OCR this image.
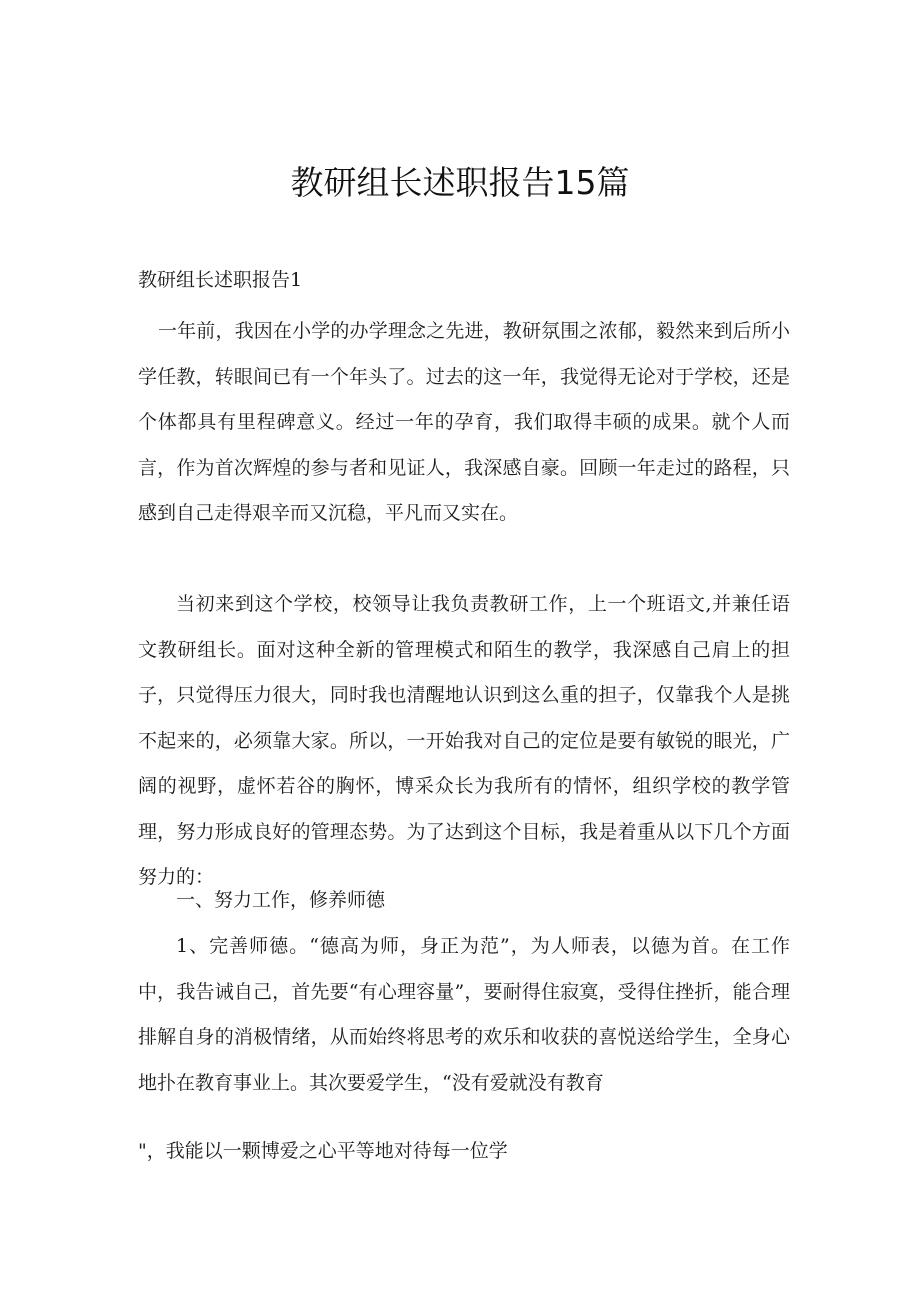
教研组长述职报告15篇
教研组长述职报告1

一年前，我因在小学的办学理念之先进，教研氛围之浓郁，毅然来到后所小学任教，转眼间已有一个年头了。过去的这一年，我觉得无论对于学校，还是个体都具有里程碑意义。经过一年的孕育，我们取得丰硕的成果。就个人而言，作为首次辉煌的参与者和见证人，我深感自豪。回顾一年走过的路程，只感到自己走得艰辛而又沉稳，平凡而又实在。

当初来到这个学校，校领导让我负责教研工作，上一个班语文,并兼任语文教研组长。面对这种全新的管理模式和陌生的教学，我深感自己肩上的担子，只觉得压力很大，同时我也清醒地认识到这么重的担子，仅靠我个人是挑不起来的，必须靠大家。所以，一开始我对自己的定位是要有敏锐的眼光，广阔的视野，虚怀若谷的胸怀，博采众长为我所有的情怀，组织学校的教学管理，努力形成良好的管理态势。为了达到这个目标，我是着重从以下几个方面努力的：

一、努力工作，修养师德

1、完善师德。“德高为师，身正为范”，为人师表，以德为首。在工作中，我告诫自己，首先要“有心理容量”，要耐得住寂寞，受得住挫折，能合理排解自身的消极情绪，从而始终将思考的欢乐和收获的喜悦送给学生，全身心地扑在教育事业上。其次要爱学生，“没有爱就没有教育

"，我能以一颗博爱之心平等地对待每一位学
